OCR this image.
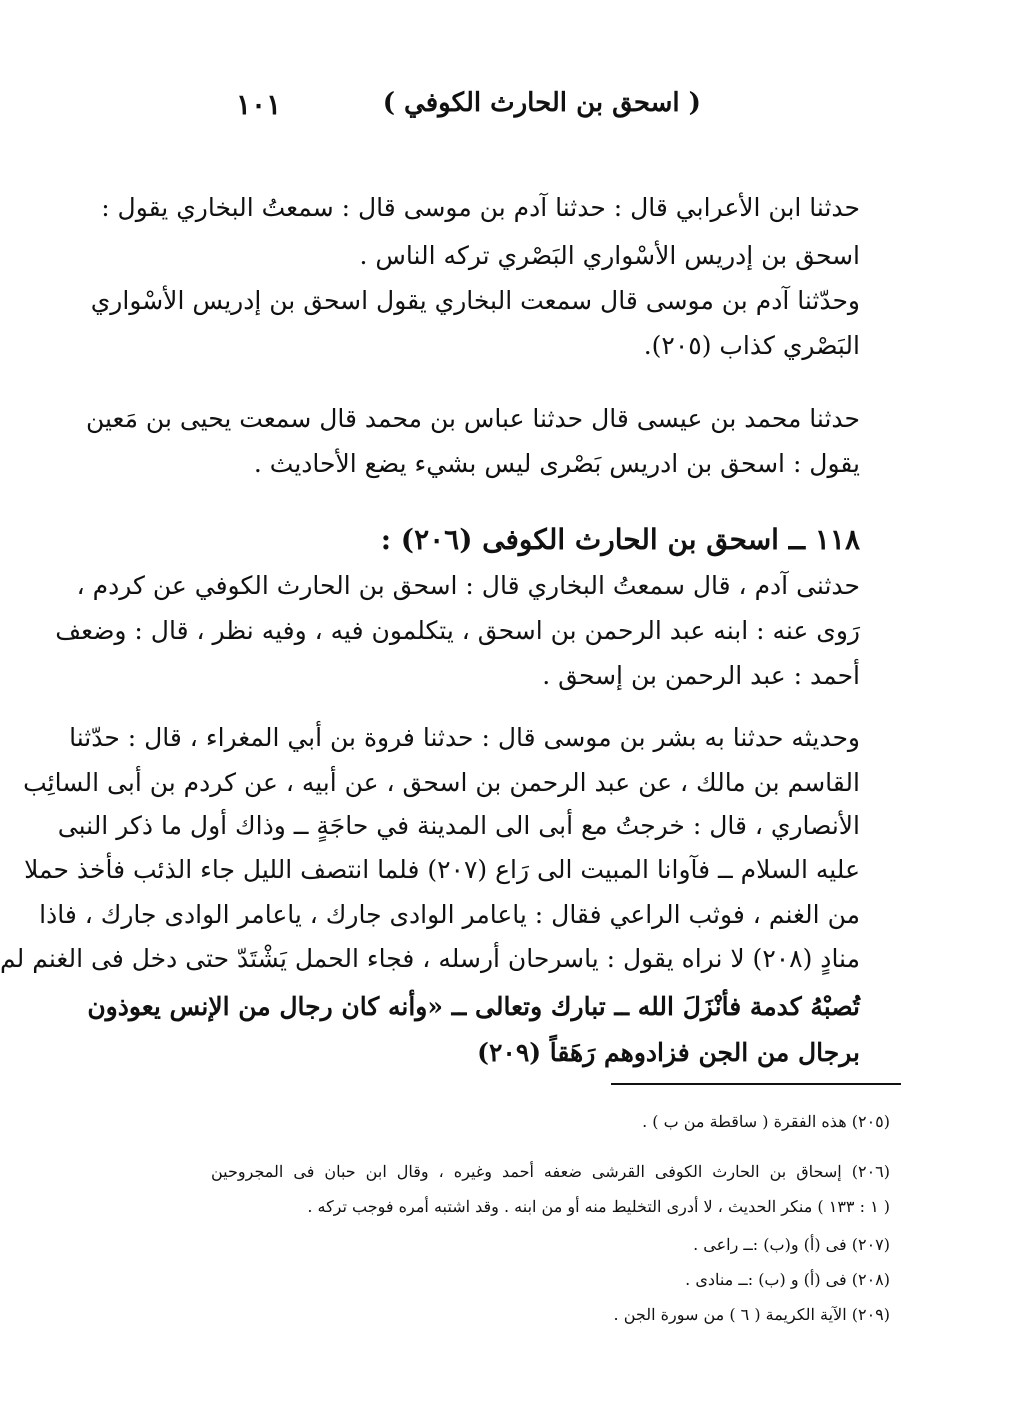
( اسحق بن الحارث الكوفي )
١٠١
حدثنا ابن الأعرابي قال : حدثنا آدم بن موسى قال : سمعتُ البخاري يقول :
اسحق بن إدريس الأسْواري البَصْري تركه الناس .
وحدّثنا آدم بن موسى قال سمعت البخاري يقول اسحق بن إدريس الأسْواري
البَصْري كذاب (٢٠٥).
حدثنا محمد بن عيسى قال حدثنا عباس بن محمد قال سمعت يحيى بن مَعين
يقول : اسحق بن ادريس بَصْرى ليس بشيء يضع الأحاديث .
١١٨ ــ اسحق بن الحارث الكوفى (٢٠٦) :
حدثنى آدم ، قال سمعتُ البخاري قال : اسحق بن الحارث الكوفي عن كردم ،
رَوى عنه : ابنه عبد الرحمن بن اسحق ، يتكلمون فيه ، وفيه نظر ، قال : وضعف
أحمد : عبد الرحمن بن إسحق .
وحديثه حدثنا به بشر بن موسى قال : حدثنا فروة بن أبي المغراء ، قال : حدّثنا
القاسم بن مالك ، عن عبد الرحمن بن اسحق ، عن أبيه ، عن كردم بن أبى السائِب
الأنصاري ، قال : خرجتُ مع أبى الى المدينة في حاجَةٍ ــ وذاك أول ما ذكر النبى
عليه السلام ــ فآوانا المبيت الى رَاع (٢٠٧) فلما انتصف الليل جاء الذئب فأخذ حملا
من الغنم ، فوثب الراعي فقال : ياعامر الوادى جارك ، ياعامر الوادى جارك ، فاذا
منادٍ (٢٠٨) لا نراه يقول : ياسرحان أرسله ، فجاء الحمل يَشْتَدّ حتى دخل فى الغنم لم
تُصبْهُ كدمة فأنْزَلَ الله ــ تبارك وتعالى ــ «وأنه كان رجال من الإنس يعوذون
برجال من الجن فزادوهم رَهَقاً (٢٠٩)
(٢٠٥) هذه الفقرة ( ساقطة من ب ) .
(٢٠٦) إسحاق بن الحارث الكوفى القرشى ضعفه أحمد وغيره ، وقال ابن حبان فى المجروحين
( ١ : ١٣٣ ) منكر الحديث ، لا أدرى التخليط منه أو من ابنه . وقد اشتبه أمره فوجب تركه .
(٢٠٧) فى (أ) و(ب) :ــ راعى .
(٢٠٨) فى (أ) و (ب) :ــ منادى .
(٢٠٩) الآية الكريمة ( ٦ ) من سورة الجن .
